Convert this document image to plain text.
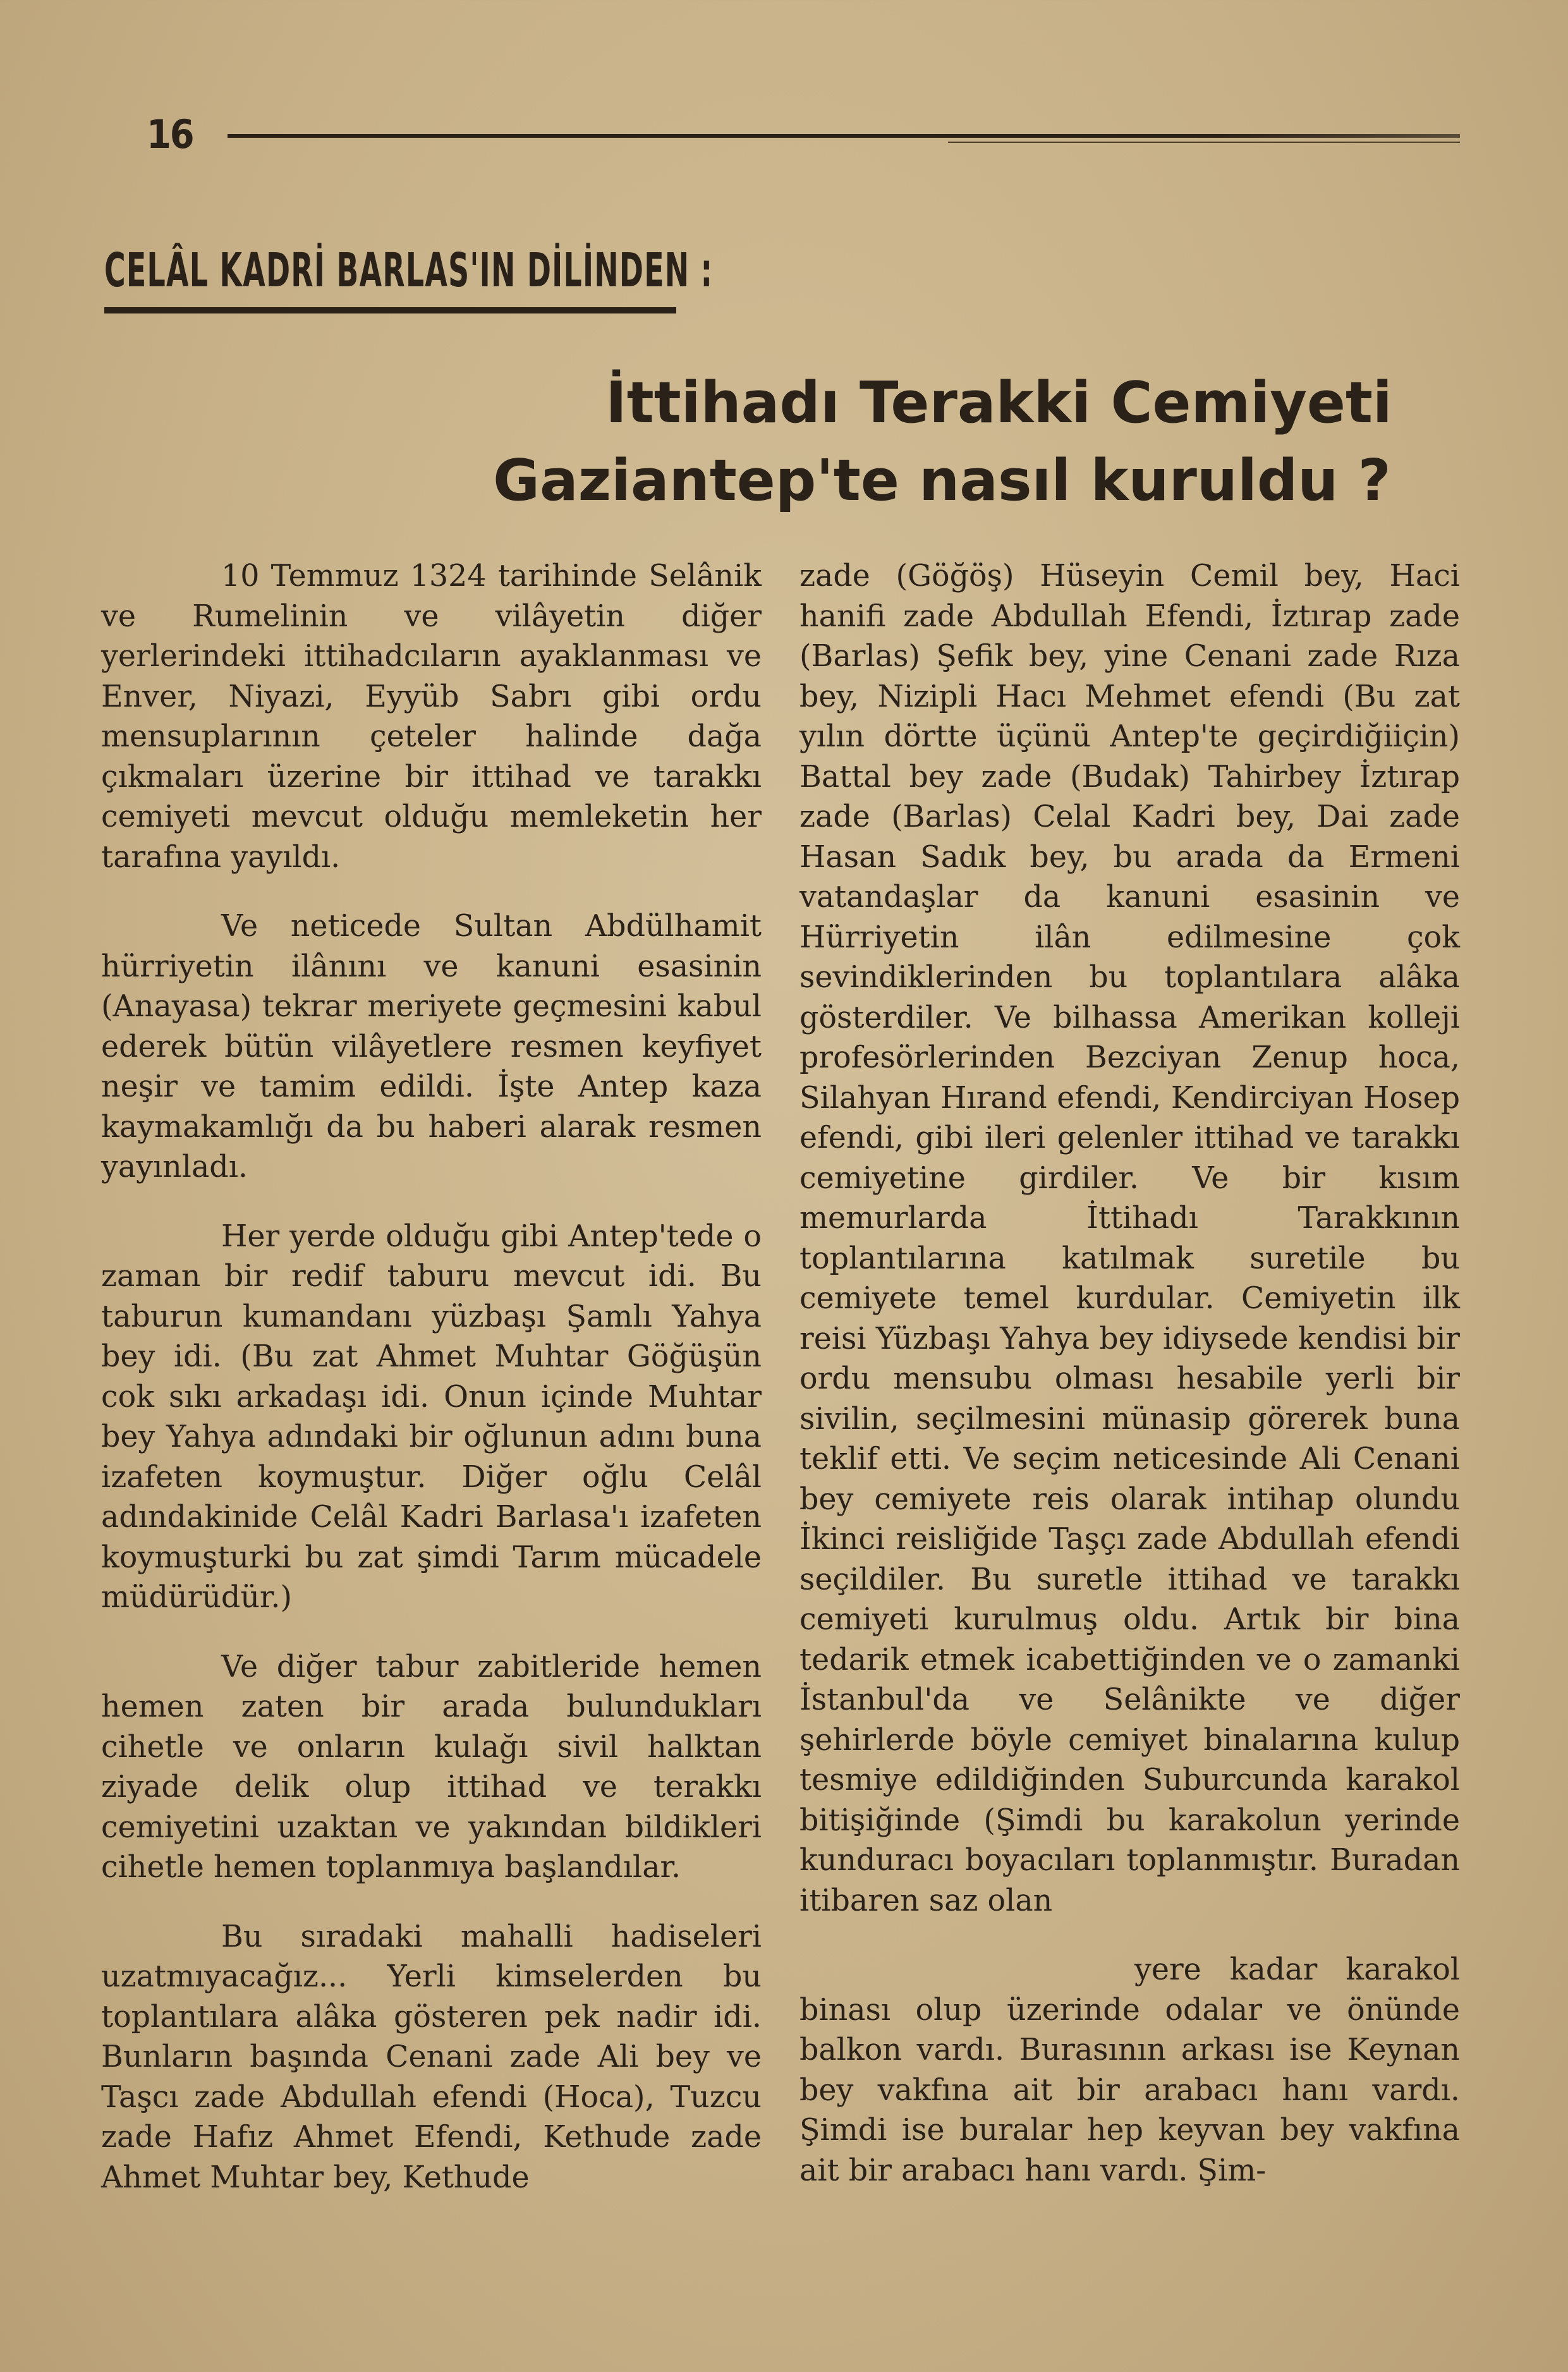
16
CELÂL KADRİ BARLAS'IN DİLİNDEN :
İttihadı Terakki Cemiyeti
Gaziantep'te nasıl kuruldu ?

10 Temmuz 1324 tarihinde Selânik ve Rumelinin ve vilâyetin diğer yerlerindeki ittihadcıların ayaklanması ve Enver, Niyazi, Eyyüb Sabrı gibi ordu mensuplarının çeteler halinde dağa çıkmaları üzerine bir ittihad ve tarakkı cemiyeti mevcut olduğu memleketin her tarafına yayıldı.

Ve neticede Sultan Abdülhamit hürriyetin ilânını ve kanuni esasinin (Anayasa) tekrar meriyete geçmesini kabul ederek bütün vilâyetlere resmen keyfiyet neşir ve tamim edildi. İşte Antep kaza kaymakamlığı da bu haberi alarak resmen yayınladı.

Her yerde olduğu gibi Antep'tede o zaman bir redif taburu mevcut idi. Bu taburun kumandanı yüzbaşı Şamlı Yahya bey idi. (Bu zat Ahmet Muhtar Göğüşün cok sıkı arkadaşı idi. Onun içinde Muhtar bey Yahya adındaki bir oğlunun adını buna izafeten koymuştur. Diğer oğlu Celâl adındakinide Celâl Kadri Barlasa'ı izafeten koymuşturki bu zat şimdi Tarım mücadele müdürüdür.)

Ve diğer tabur zabitleride hemen hemen zaten bir arada bulundukları cihetle ve onların kulağı sivil halktan ziyade delik olup ittihad ve terakkı cemiyetini uzaktan ve yakından bildikleri cihetle hemen toplanmıya başlandılar.

Bu sıradaki mahalli hadiseleri uzatmıyacağız... Yerli kimselerden bu toplantılara alâka gösteren pek nadir idi. Bunların başında Cenani zade Ali bey ve Taşcı zade Abdullah efendi (Hoca), Tuzcu zade Hafız Ahmet Efendi, Kethude zade Ahmet Muhtar bey, Kethude

zade (Göğöş) Hüseyin Cemil bey, Haci hanifi zade Abdullah Efendi, İztırap zade (Barlas) Şefik bey, yine Cenani zade Rıza bey, Nizipli Hacı Mehmet efendi (Bu zat yılın dörtte üçünü Antep'te geçirdiğiiçin) Battal bey zade (Budak) Tahirbey İztırap zade (Barlas) Celal Kadri bey, Dai zade Hasan Sadık bey, bu arada da Ermeni vatandaşlar da kanuni esasinin ve Hürriyetin ilân edilmesine çok sevindiklerinden bu toplantılara alâka gösterdiler. Ve bilhassa Amerikan kolleji profesörlerinden Bezciyan Zenup hoca, Silahyan Hırand efendi, Kendirciyan Hosep efendi, gibi ileri gelenler ittihad ve tarakkı cemiyetine girdiler. Ve bir kısım memurlarda İttihadı Tarakkının toplantılarına katılmak suretile bu cemiyete temel kurdular. Cemiyetin ilk reisi Yüzbaşı Yahya bey idiysede kendisi bir ordu mensubu olması hesabile yerli bir sivilin, seçilmesini münasip görerek buna teklif etti. Ve seçim neticesinde Ali Cenani bey cemiyete reis olarak intihap olundu İkinci reisliğide Taşçı zade Abdullah efendi seçildiler. Bu suretle ittihad ve tarakkı cemiyeti kurulmuş oldu. Artık bir bina tedarik etmek icabettiğinden ve o zamanki İstanbul'da ve Selânikte ve diğer şehirlerde böyle cemiyet binalarına kulup tesmiye edildiğinden Suburcunda karakol bitişiğinde (Şimdi bu karakolun yerinde kunduracı boyacıları toplanmıştır. Buradan itibaren saz olan

yere kadar karakol binası olup üzerinde odalar ve önünde balkon vardı. Burasının arkası ise Keynan bey vakfına ait bir arabacı hanı vardı. Şimdi ise buralar hep keyvan bey vakfına ait bir arabacı hanı vardı. Şim-
